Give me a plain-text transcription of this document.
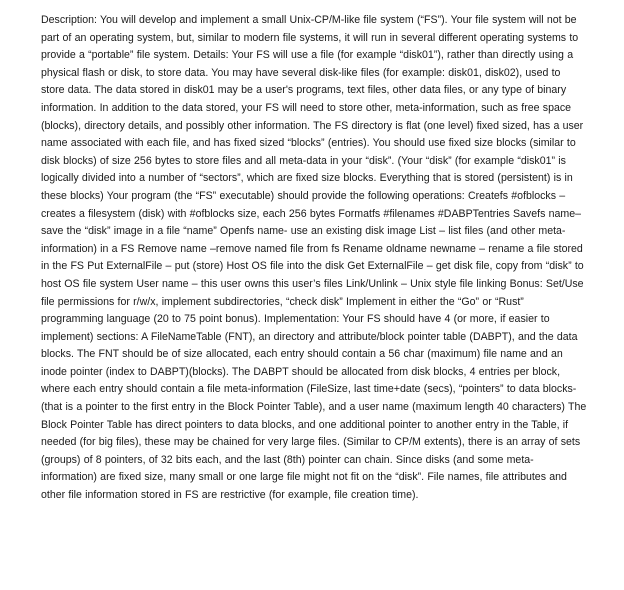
Description: You will develop and implement a small Unix-CP/M-like file system (“FS”). Your file system will not be part of an operating system, but, similar to modern file systems, it will run in several different operating systems to provide a “portable” file system. Details: Your FS will use a file (for example “disk01”), rather than directly using a physical flash or disk, to store data. You may have several disk-like files (for example: disk01, disk02), used to store data. The data stored in disk01 may be a user's programs, text files, other data files, or any type of binary information. In addition to the data stored, your FS will need to store other, meta-information, such as free space (blocks), directory details, and possibly other information. The FS directory is flat (one level) fixed sized, has a user name associated with each file, and has fixed sized “blocks” (entries). You should use fixed size blocks (similar to disk blocks) of size 256 bytes to store files and all meta-data in your “disk”. (Your “disk” (for example “disk01” is logically divided into a number of “sectors”, which are fixed size blocks. Everything that is stored (persistent) is in these blocks) Your program (the “FS” executable) should provide the following operations: Createfs #ofblocks – creates a filesystem (disk) with #ofblocks size, each 256 bytes Formatfs #filenames #DABPTentries Savefs name– save the “disk” image in a file “name” Openfs name- use an existing disk image List – list files (and other meta-information) in a FS Remove name –remove named file from fs Rename oldname newname – rename a file stored in the FS Put ExternalFile – put (store) Host OS file into the disk Get ExternalFile – get disk file, copy from “disk” to host OS file system User name – this user owns this user’s files Link/Unlink – Unix style file linking Bonus: Set/Use file permissions for r/w/x, implement subdirectories, “check disk” Implement in either the “Go” or “Rust” programming language (20 to 75 point bonus). Implementation: Your FS should have 4 (or more, if easier to implement) sections: A FileNameTable (FNT), an directory and attribute/block pointer table (DABPT), and the data blocks. The FNT should be of size allocated, each entry should contain a 56 char (maximum) file name and an inode pointer (index to DABPT)(blocks). The DABPT should be allocated from disk blocks, 4 entries per block, where each entry should contain a file meta-information (FileSize, last time+date (secs), “pointers” to data blocks- (that is a pointer to the first entry in the Block Pointer Table), and a user name (maximum length 40 characters) The Block Pointer Table has direct pointers to data blocks, and one additional pointer to another entry in the Table, if needed (for big files), these may be chained for very large files. (Similar to CP/M extents), there is an array of sets (groups) of 8 pointers, of 32 bits each, and the last (8th) pointer can chain. Since disks (and some meta-information) are fixed size, many small or one large file might not fit on the “disk”. File names, file attributes and other file information stored in FS are restrictive (for example, file creation time).
